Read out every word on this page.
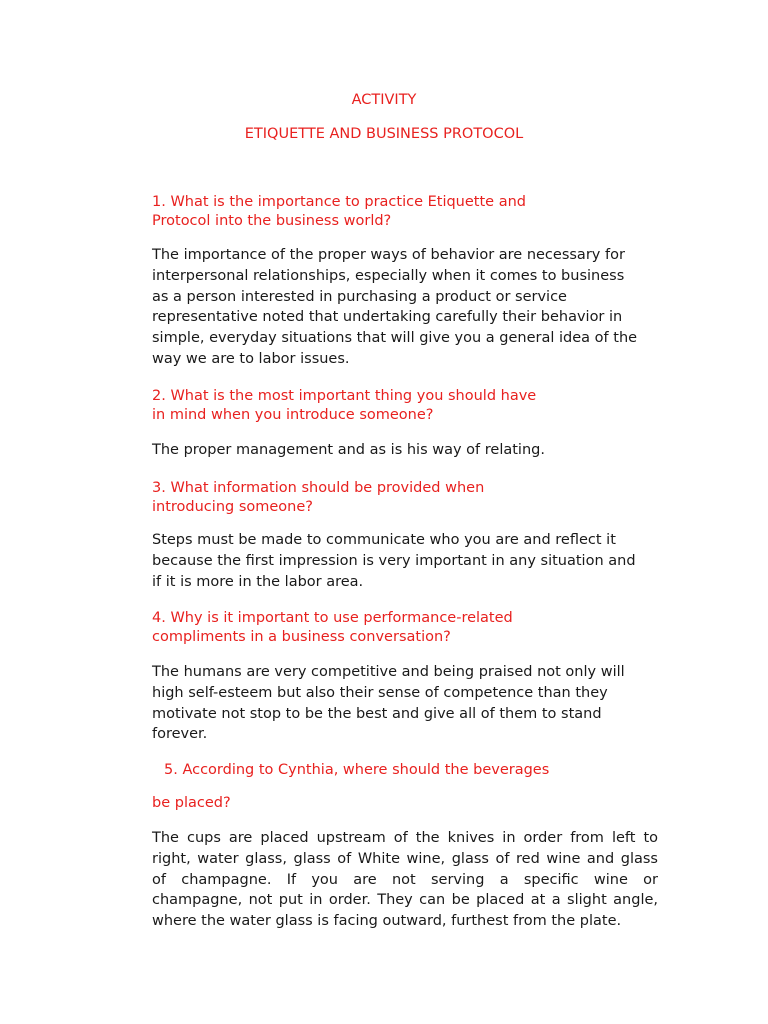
ACTIVITY
ETIQUETTE AND BUSINESS PROTOCOL
1. What is the importance to practice Etiquette and
Protocol into the business world?
The importance of the proper ways of behavior are necessary for
interpersonal relationships, especially when it comes to business
as a person interested in purchasing a product or service
representative noted that undertaking carefully their behavior in
simple, everyday situations that will give you a general idea of the
way we are to labor issues.
2. What is the most important thing you should have
in mind when you introduce someone?
The proper management and as is his way of relating.
3. What information should be provided when
introducing someone?
Steps must be made to communicate who you are and reflect it
because the first impression is very important in any situation and
if it is more in the labor area.
4. Why is it important to use performance-related
compliments in a business conversation?
The humans are very competitive and being praised not only will
high self-esteem but also their sense of competence than they
motivate not stop to be the best and give all of them to stand
forever.
5. According to Cynthia, where should the beverages
be placed?
The cups are placed upstream of the knives in order from left to
right, water glass, glass of White wine, glass of red wine and glass
of champagne. If you are not serving a specific wine or
champagne, not put in order. They can be placed at a slight angle,
where the water glass is facing outward, furthest from the plate.
